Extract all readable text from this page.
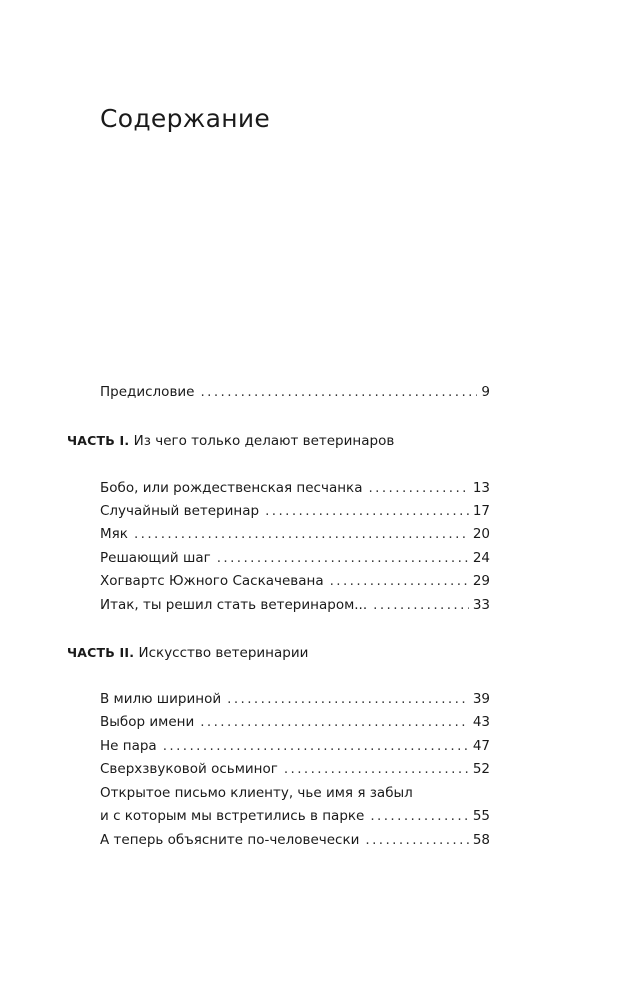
Содержание
Предисловие .....	9
ЧАСТЬ I. Из чего только делают ветеринаров
Бобо, или рождественская песчанка .....	13
Случайный ветеринар .....	17
Мяк .....	20
Решающий шаг .....	24
Хогвартс Южного Саскачевана .....	29
Итак, ты решил стать ветеринаром... .....	33
ЧАСТЬ II. Искусство ветеринарии
В милю шириной .....	39
Выбор имени .....	43
Не пара .....	47
Сверхзвуковой осьминог .....	52
Открытое письмо клиенту, чье имя я забыл
и с которым мы встретились в парке .....	55
А теперь объясните по-человечески .....	58
